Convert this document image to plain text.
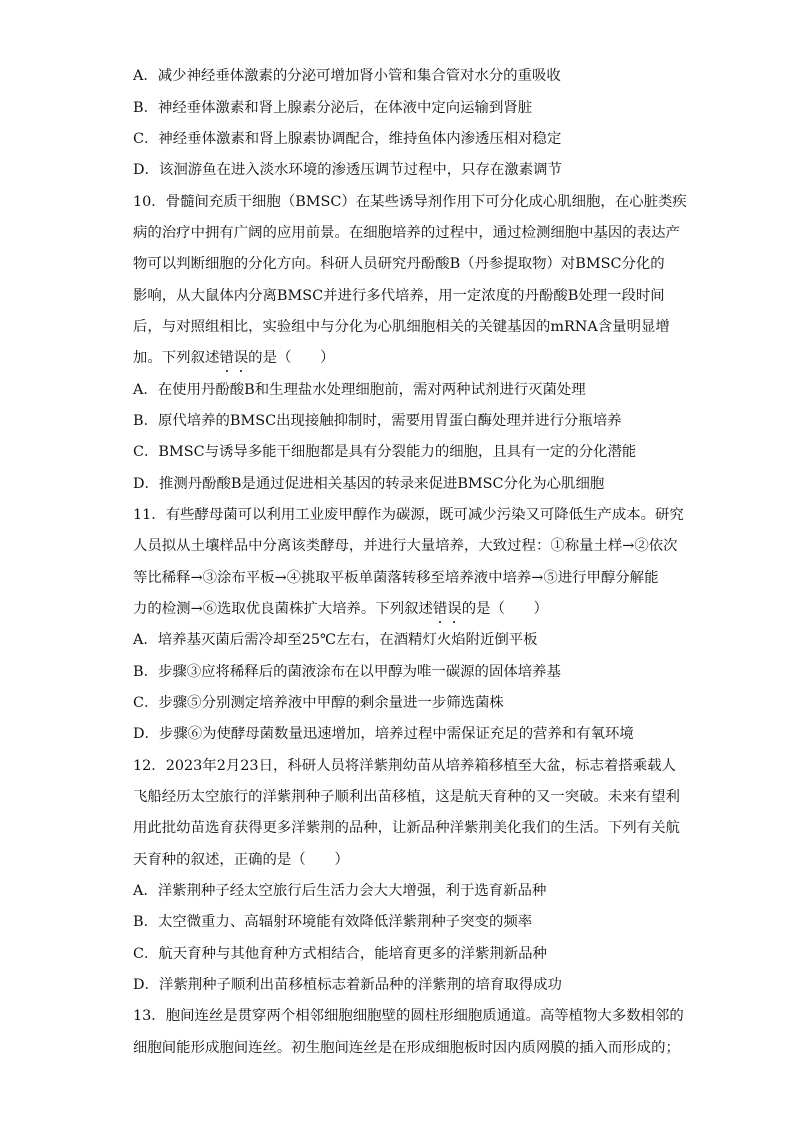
A．减少神经垂体激素的分泌可增加肾小管和集合管对水分的重吸收
B．神经垂体激素和肾上腺素分泌后，在体液中定向运输到肾脏
C．神经垂体激素和肾上腺素协调配合，维持鱼体内渗透压相对稳定
D．该洄游鱼在进入淡水环境的渗透压调节过程中，只存在激素调节
10．骨髓间充质干细胞（BMSC）在某些诱导剂作用下可分化成心肌细胞，在心脏类疾
病的治疗中拥有广阔的应用前景。在细胞培养的过程中，通过检测细胞中基因的表达产
物可以判断细胞的分化方向。科研人员研究丹酚酸B（丹参提取物）对BMSC分化的
影响，从大鼠体内分离BMSC并进行多代培养，用一定浓度的丹酚酸B处理一段时间
后，与对照组相比，实验组中与分化为心肌细胞相关的关键基因的mRNA含量明显增
加。下列叙述错误的是（　　）
A．在使用丹酚酸B和生理盐水处理细胞前，需对两种试剂进行灭菌处理
B．原代培养的BMSC出现接触抑制时，需要用胃蛋白酶处理并进行分瓶培养
C．BMSC与诱导多能干细胞都是具有分裂能力的细胞，且具有一定的分化潜能
D．推测丹酚酸B是通过促进相关基因的转录来促进BMSC分化为心肌细胞
11．有些酵母菌可以利用工业废甲醇作为碳源，既可减少污染又可降低生产成本。研究
人员拟从土壤样品中分离该类酵母，并进行大量培养，大致过程：①称量土样→②依次
等比稀释→③涂布平板→④挑取平板单菌落转移至培养液中培养→⑤进行甲醇分解能
力的检测→⑥选取优良菌株扩大培养。下列叙述错误的是（　　）
A．培养基灭菌后需冷却至25℃左右，在酒精灯火焰附近倒平板
B．步骤③应将稀释后的菌液涂布在以甲醇为唯一碳源的固体培养基
C．步骤⑤分别测定培养液中甲醇的剩余量进一步筛选菌株
D．步骤⑥为使酵母菌数量迅速增加，培养过程中需保证充足的营养和有氧环境
12．2023年2月23日，科研人员将洋紫荆幼苗从培养箱移植至大盆，标志着搭乘载人
飞船经历太空旅行的洋紫荆种子顺利出苗移植，这是航天育种的又一突破。未来有望利
用此批幼苗选育获得更多洋紫荆的品种，让新品种洋紫荆美化我们的生活。下列有关航
天育种的叙述，正确的是（　　）
A．洋紫荆种子经太空旅行后生活力会大大增强，利于选育新品种
B．太空微重力、高辐射环境能有效降低洋紫荆种子突变的频率
C．航天育种与其他育种方式相结合，能培育更多的洋紫荆新品种
D．洋紫荆种子顺利出苗移植标志着新品种的洋紫荆的培育取得成功
13．胞间连丝是贯穿两个相邻细胞细胞壁的圆柱形细胞质通道。高等植物大多数相邻的
细胞间能形成胞间连丝。初生胞间连丝是在形成细胞板时因内质网膜的插入而形成的；
